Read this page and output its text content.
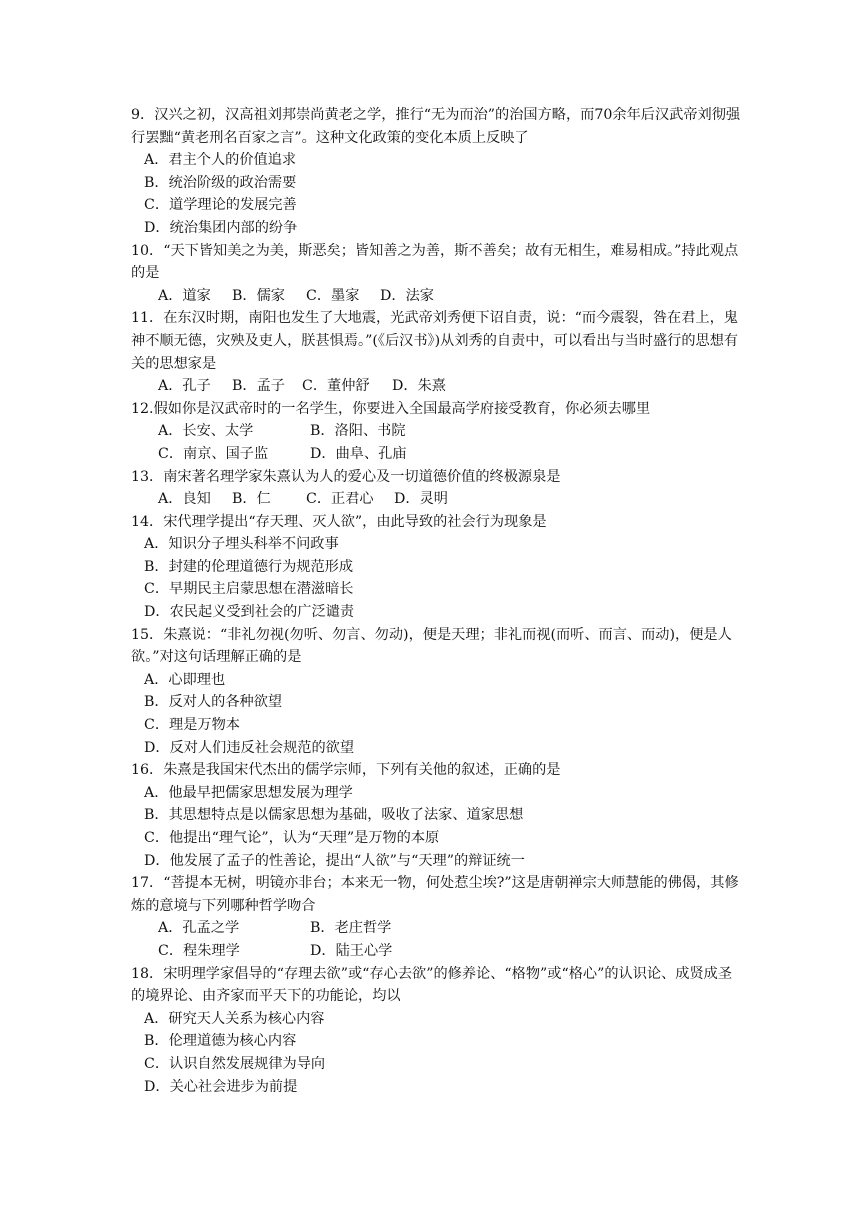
9．汉兴之初，汉高祖刘邦崇尚黄老之学，推行“无为而治”的治国方略，而70余年后汉武帝刘彻强行罢黜“黄老刑名百家之言”。这种文化政策的变化本质上反映了
A．君主个人的价值追求
B．统治阶级的政治需要
C．道学理论的发展完善
D．统治集团内部的纷争
10．“天下皆知美之为美，斯恶矣；皆知善之为善，斯不善矣；故有无相生，难易相成。”持此观点的是
A．道家 B．儒家 C．墨家 D．法家
11．在东汉时期，南阳也发生了大地震，光武帝刘秀便下诏自责，说：“而今震裂，咎在君上，鬼神不顺无德，灾殃及吏人，朕甚惧焉。”(《后汉书》)从刘秀的自责中，可以看出与当时盛行的思想有关的思想家是
A．孔子 B．孟子 C．董仲舒 D．朱熹
12.假如你是汉武帝时的一名学生，你要进入全国最高学府接受教育，你必须去哪里
A．长安、太学	B．洛阳、书院
C．南京、国子监	D．曲阜、孔庙
13．南宋著名理学家朱熹认为人的爱心及一切道德价值的终极源泉是
A．良知 B．仁 C．正君心 D．灵明
14．宋代理学提出“存天理、灭人欲”，由此导致的社会行为现象是
A．知识分子埋头科举不问政事
B．封建的伦理道德行为规范形成
C．早期民主启蒙思想在潜滋暗长
D．农民起义受到社会的广泛谴责
15．朱熹说：“非礼勿视(勿听、勿言、勿动)，便是天理；非礼而视(而听、而言、而动)，便是人欲。”对这句话理解正确的是
A．心即理也
B．反对人的各种欲望
C．理是万物本
D．反对人们违反社会规范的欲望
16．朱熹是我国宋代杰出的儒学宗师，下列有关他的叙述，正确的是
A．他最早把儒家思想发展为理学
B．其思想特点是以儒家思想为基础，吸收了法家、道家思想
C．他提出“理气论”，认为“天理”是万物的本原
D．他发展了孟子的性善论，提出“人欲”与“天理”的辩证统一
17．“菩提本无树，明镜亦非台；本来无一物，何处惹尘埃?”这是唐朝禅宗大师慧能的佛偈，其修炼的意境与下列哪种哲学吻合
A．孔孟之学	B．老庄哲学
C．程朱理学	D．陆王心学
18．宋明理学家倡导的“存理去欲”或“存心去欲”的修养论、“格物”或“格心”的认识论、成贤成圣的境界论、由齐家而平天下的功能论，均以
A．研究天人关系为核心内容
B．伦理道德为核心内容
C．认识自然发展规律为导向
D．关心社会进步为前提
